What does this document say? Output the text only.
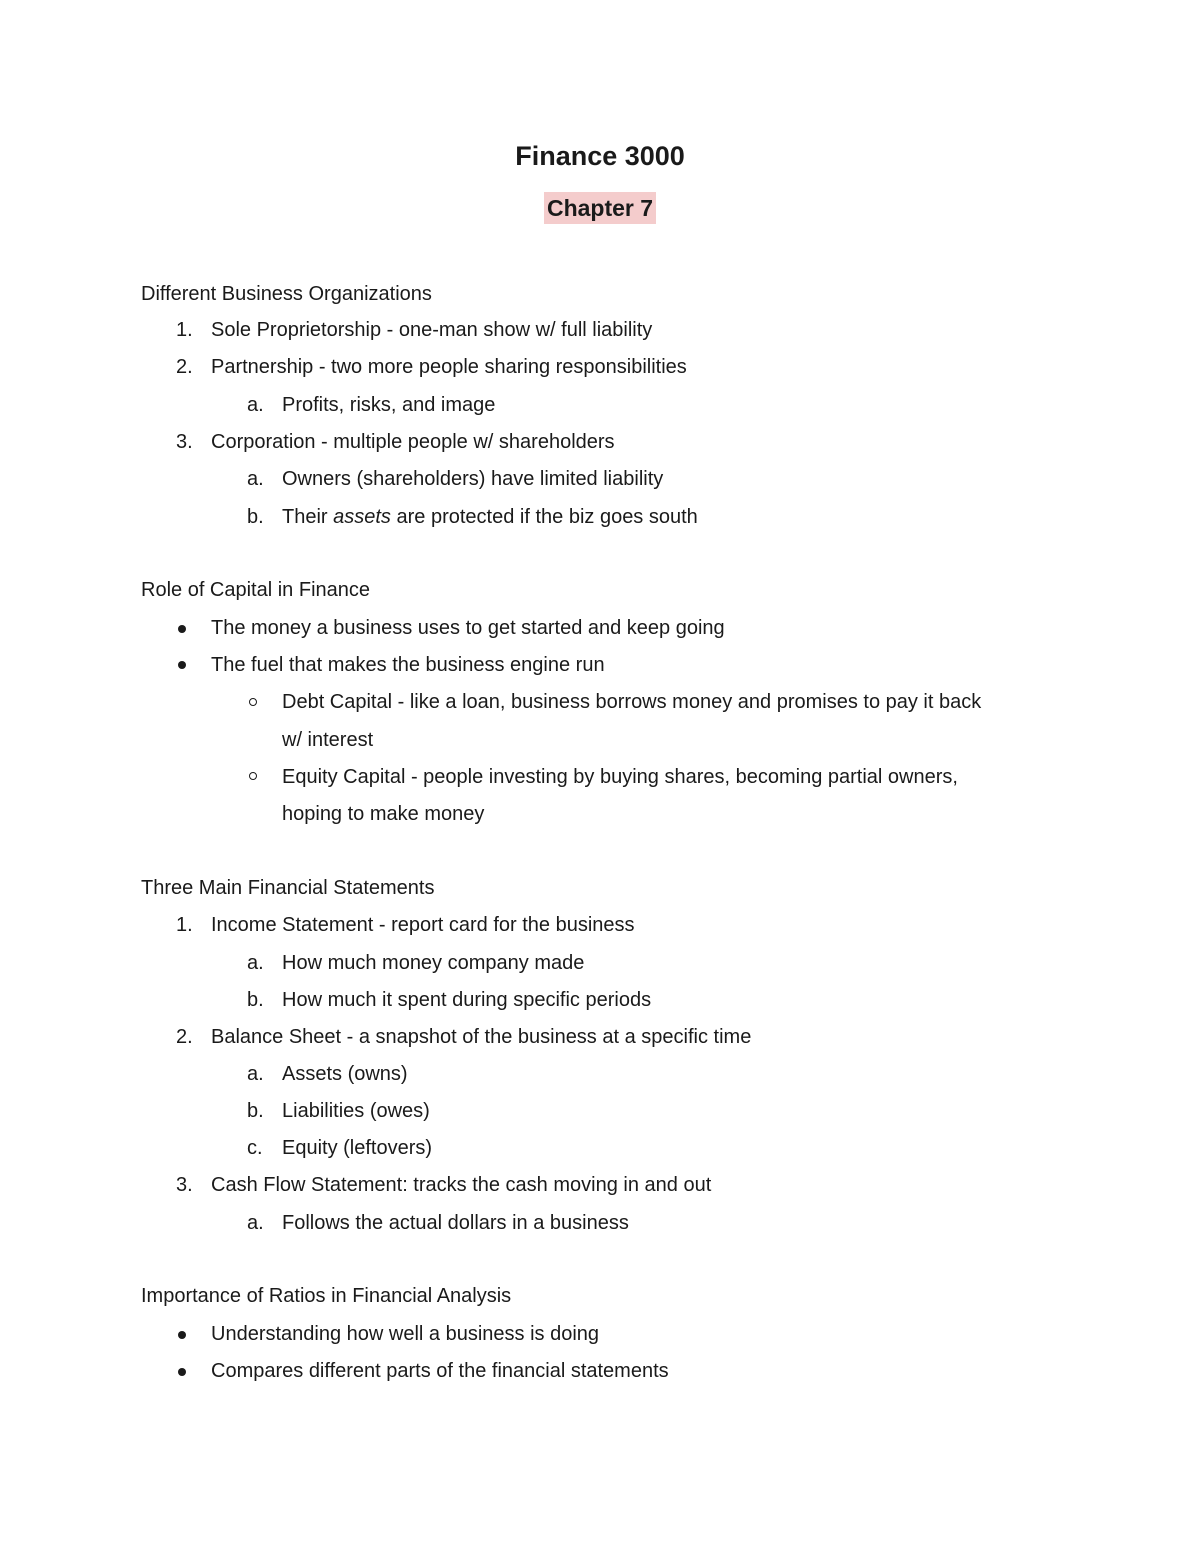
Finance 3000
Chapter 7
Different Business Organizations
1. Sole Proprietorship - one-man show w/ full liability
2. Partnership - two more people sharing responsibilities
a. Profits, risks, and image
3. Corporation - multiple people w/ shareholders
a. Owners (shareholders) have limited liability
b. Their assets are protected if the biz goes south
Role of Capital in Finance
The money a business uses to get started and keep going
The fuel that makes the business engine run
Debt Capital - like a loan, business borrows money and promises to pay it back
w/ interest
Equity Capital - people investing by buying shares, becoming partial owners,
hoping to make money
Three Main Financial Statements
1. Income Statement - report card for the business
a. How much money company made
b. How much it spent during specific periods
2. Balance Sheet - a snapshot of the business at a specific time
a. Assets (owns)
b. Liabilities (owes)
c. Equity (leftovers)
3. Cash Flow Statement: tracks the cash moving in and out
a. Follows the actual dollars in a business
Importance of Ratios in Financial Analysis
Understanding how well a business is doing
Compares different parts of the financial statements
